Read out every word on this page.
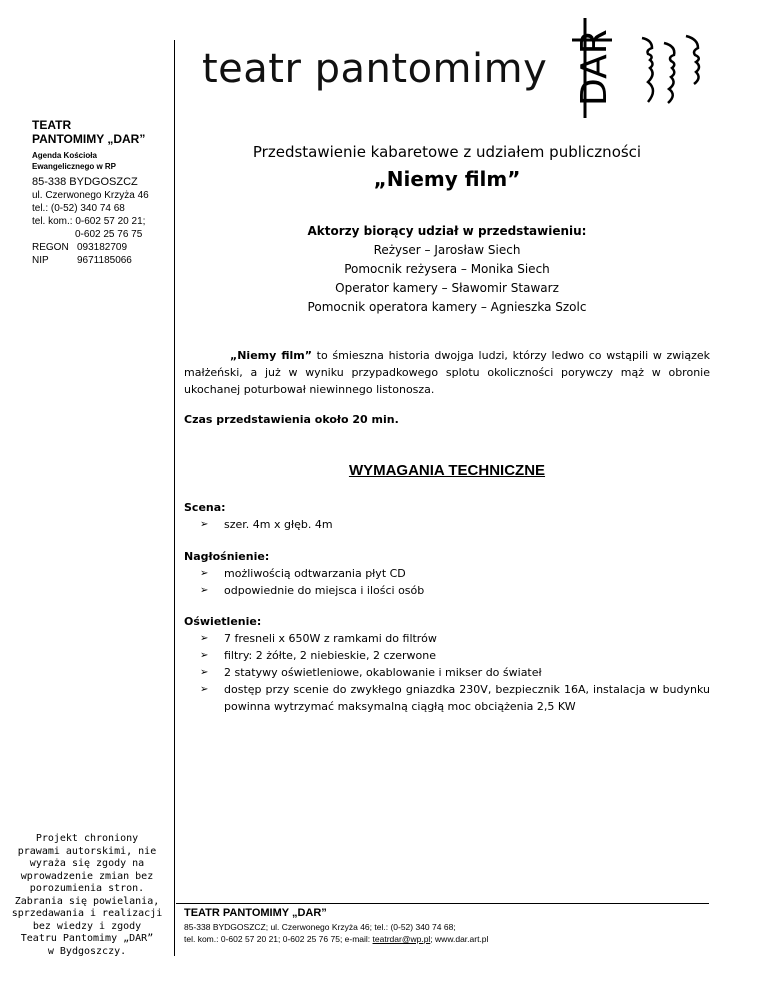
teatr pantomimy DAR
TEATR
PANTOMIMY „DAR”
Agenda Kościoła
Ewangelicznego w RP
85-338 BYDGOSZCZ
ul. Czerwonego Krzyża 46
tel.: (0-52) 340 74 68
tel. kom.: 0-602 57 20 21;
0-602 25 76 75
REGON 093182709
NIP	9671185066
Projekt chroniony
prawami autorskimi, nie
wyraża się zgody na
wprowadzenie zmian bez
porozumienia stron.
Zabrania się powielania,
sprzedawania i realizacji
bez wiedzy i zgody
Teatru Pantomimy „DAR”
w Bydgoszczy.
Przedstawienie kabaretowe z udziałem publiczności
„Niemy film”
Aktorzy biorący udział w przedstawieniu:
Reżyser – Jarosław Siech
Pomocnik reżysera – Monika Siech
Operator kamery – Sławomir Stawarz
Pomocnik operatora kamery – Agnieszka Szolc
„Niemy film” to śmieszna historia dwojga ludzi, którzy ledwo co wstąpili w związek małżeński, a już w wyniku przypadkowego splotu okoliczności porywczy mąż w obronie ukochanej poturbował niewinnego listonosza.
Czas przedstawienia około 20 min.
WYMAGANIA TECHNICZNE
Scena:
➢ szer. 4m x głęb. 4m
Nagłośnienie:
➢ możliwością odtwarzania płyt CD
➢ odpowiednie do miejsca i ilości osób
Oświetlenie:
➢ 7 fresneli x 650W z ramkami do filtrów
➢ filtry: 2 żółte, 2 niebieskie, 2 czerwone
➢ 2 statywy oświetleniowe, okablowanie i mikser do świateł
➢ dostęp przy scenie do zwykłego gniazdka 230V, bezpiecznik 16A, instalacja w budynku powinna wytrzymać maksymalną ciągłą moc obciążenia 2,5 KW
TEATR PANTOMIMY „DAR”
85-338 BYDGOSZCZ; ul. Czerwonego Krzyża 46; tel.: (0-52) 340 74 68;
tel. kom.: 0-602 57 20 21; 0-602 25 76 75; e-mail: teatrdar@wp.pl; www.dar.art.pl
